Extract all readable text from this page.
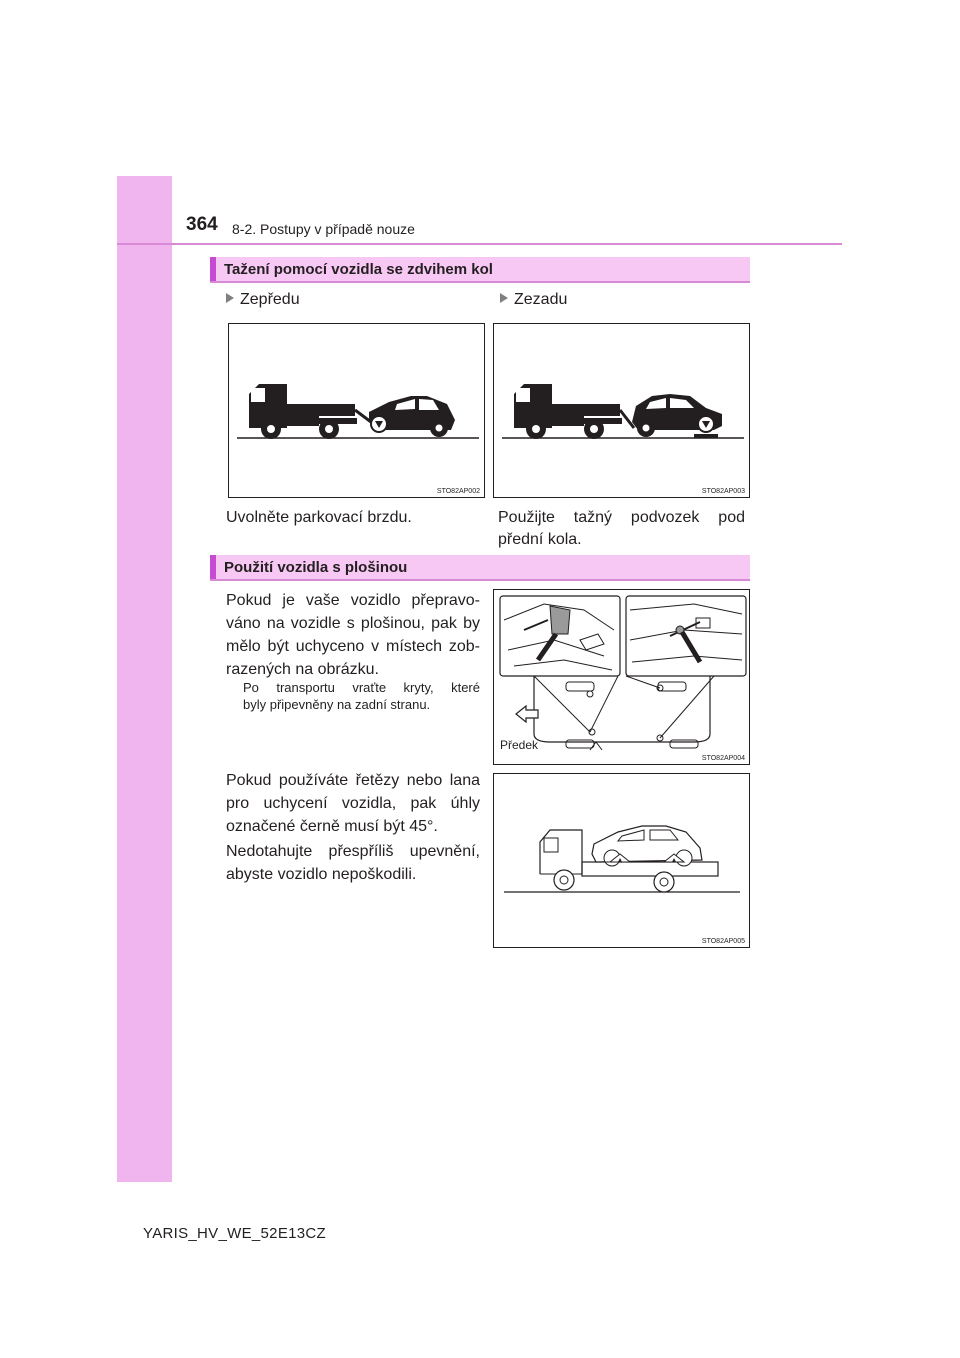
364 8-2. Postupy v případě nouze
Tažení pomocí vozidla se zdvihem kol
Zepředu	Zezadu
STO82AP002	STO82AP003
Uvolněte parkovací brzdu.	Použijte tažný podvozek pod
přední kola.
Použití vozidla s plošinou
Pokud je vaše vozidlo přepravo-
váno na vozidle s plošinou, pak by
mělo být uchyceno v místech zob-
razených na obrázku.
Po transportu vraťte kryty, které
byly připevněny na zadní stranu.
STO82AP004
Předek
Pokud používáte řetězy nebo lana
pro uchycení vozidla, pak úhly
označené černě musí být 45°.
Nedotahujte přespříliš upevnění,
abyste vozidlo nepoškodili.
STO82AP005
YARIS_HV_WE_52E13CZ
